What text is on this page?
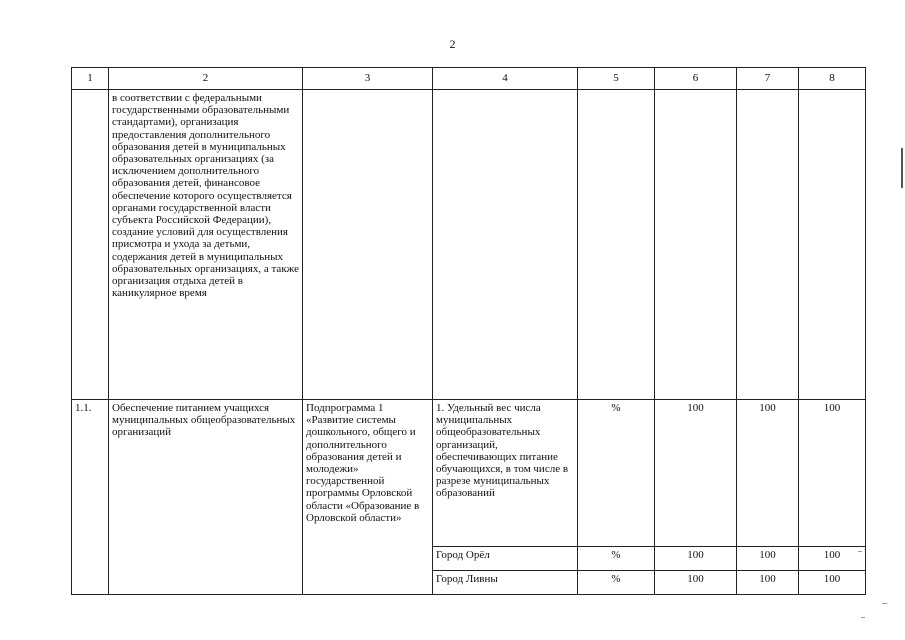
2
1	2	3	4	5	6	7	8
	в соответствии с федеральными государственными образовательными стандартами), организация предоставления дополнительного образования детей в муниципальных образовательных организациях (за исключением дополнительного образования детей, финансовое обеспечение которого осуществляется органами государственной власти субъекта Российской Федерации), создание условий для осуществления присмотра и ухода за детьми, содержания детей в муниципальных образовательных организациях, а также организация отдыха детей в каникулярное время						
1.1.	Обеспечение питанием учащихся муниципальных общеобразовательных организаций	Подпрограмма 1 «Развитие системы дошкольного, общего и дополнительного образования детей и молодежи» государственной программы Орловской области «Образование в Орловской области»	1. Удельный вес числа муниципальных общеобразовательных организаций, обеспечивающих питание обучающихся, в том числе в разрезе муниципальных образований	%	100	100	100
			Город Орёл	%	100	100	100
			Город Ливны	%	100	100	100
